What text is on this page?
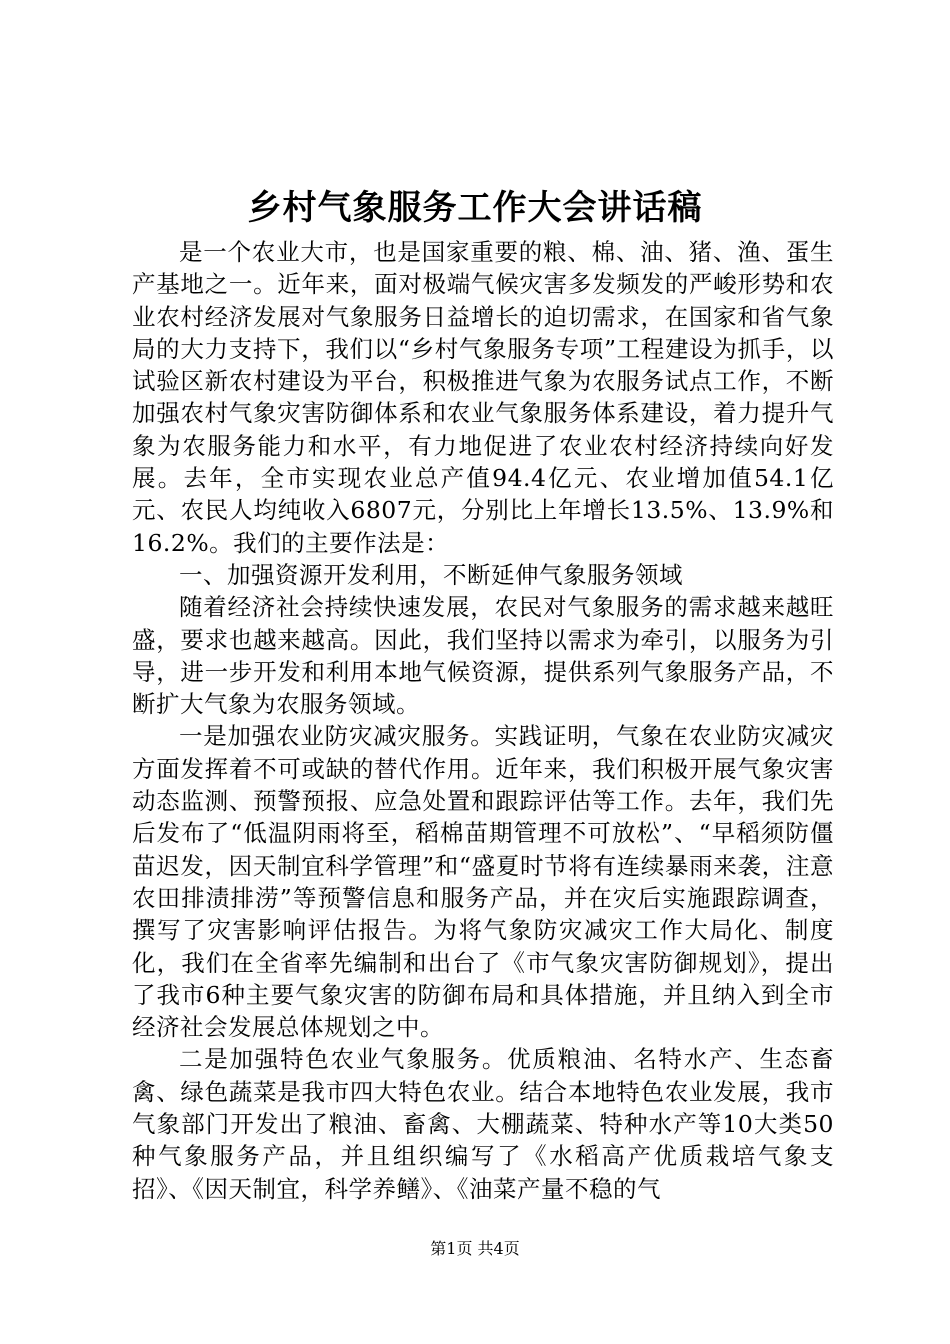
乡村气象服务工作大会讲话稿

是一个农业大市，也是国家重要的粮、棉、油、猪、渔、蛋生产基地之一。近年来，面对极端气候灾害多发频发的严峻形势和农业农村经济发展对气象服务日益增长的迫切需求，在国家和省气象局的大力支持下，我们以“乡村气象服务专项”工程建设为抓手，以试验区新农村建设为平台，积极推进气象为农服务试点工作，不断加强农村气象灾害防御体系和农业气象服务体系建设，着力提升气象为农服务能力和水平，有力地促进了农业农村经济持续向好发展。去年，全市实现农业总产值94.4亿元、农业增加值54.1亿元、农民人均纯收入6807元，分别比上年增长13.5%、13.9%和16.2%。我们的主要作法是：

一、加强资源开发利用，不断延伸气象服务领域

随着经济社会持续快速发展，农民对气象服务的需求越来越旺盛，要求也越来越高。因此，我们坚持以需求为牵引，以服务为引导，进一步开发和利用本地气候资源，提供系列气象服务产品，不断扩大气象为农服务领域。

一是加强农业防灾减灾服务。实践证明，气象在农业防灾减灾方面发挥着不可或缺的替代作用。近年来，我们积极开展气象灾害动态监测、预警预报、应急处置和跟踪评估等工作。去年，我们先后发布了“低温阴雨将至，稻棉苗期管理不可放松”、“早稻须防僵苗迟发，因天制宜科学管理”和“盛夏时节将有连续暴雨来袭，注意农田排渍排涝”等预警信息和服务产品，并在灾后实施跟踪调查，撰写了灾害影响评估报告。为将气象防灾减灾工作大局化、制度化，我们在全省率先编制和出台了《市气象灾害防御规划》，提出了我市6种主要气象灾害的防御布局和具体措施，并且纳入到全市经济社会发展总体规划之中。

二是加强特色农业气象服务。优质粮油、名特水产、生态畜禽、绿色蔬菜是我市四大特色农业。结合本地特色农业发展，我市气象部门开发出了粮油、畜禽、大棚蔬菜、特种水产等10大类50种气象服务产品，并且组织编写了《水稻高产优质栽培气象支招》、《因天制宜，科学养鳝》、《油菜产量不稳的气

第1页 共4页
